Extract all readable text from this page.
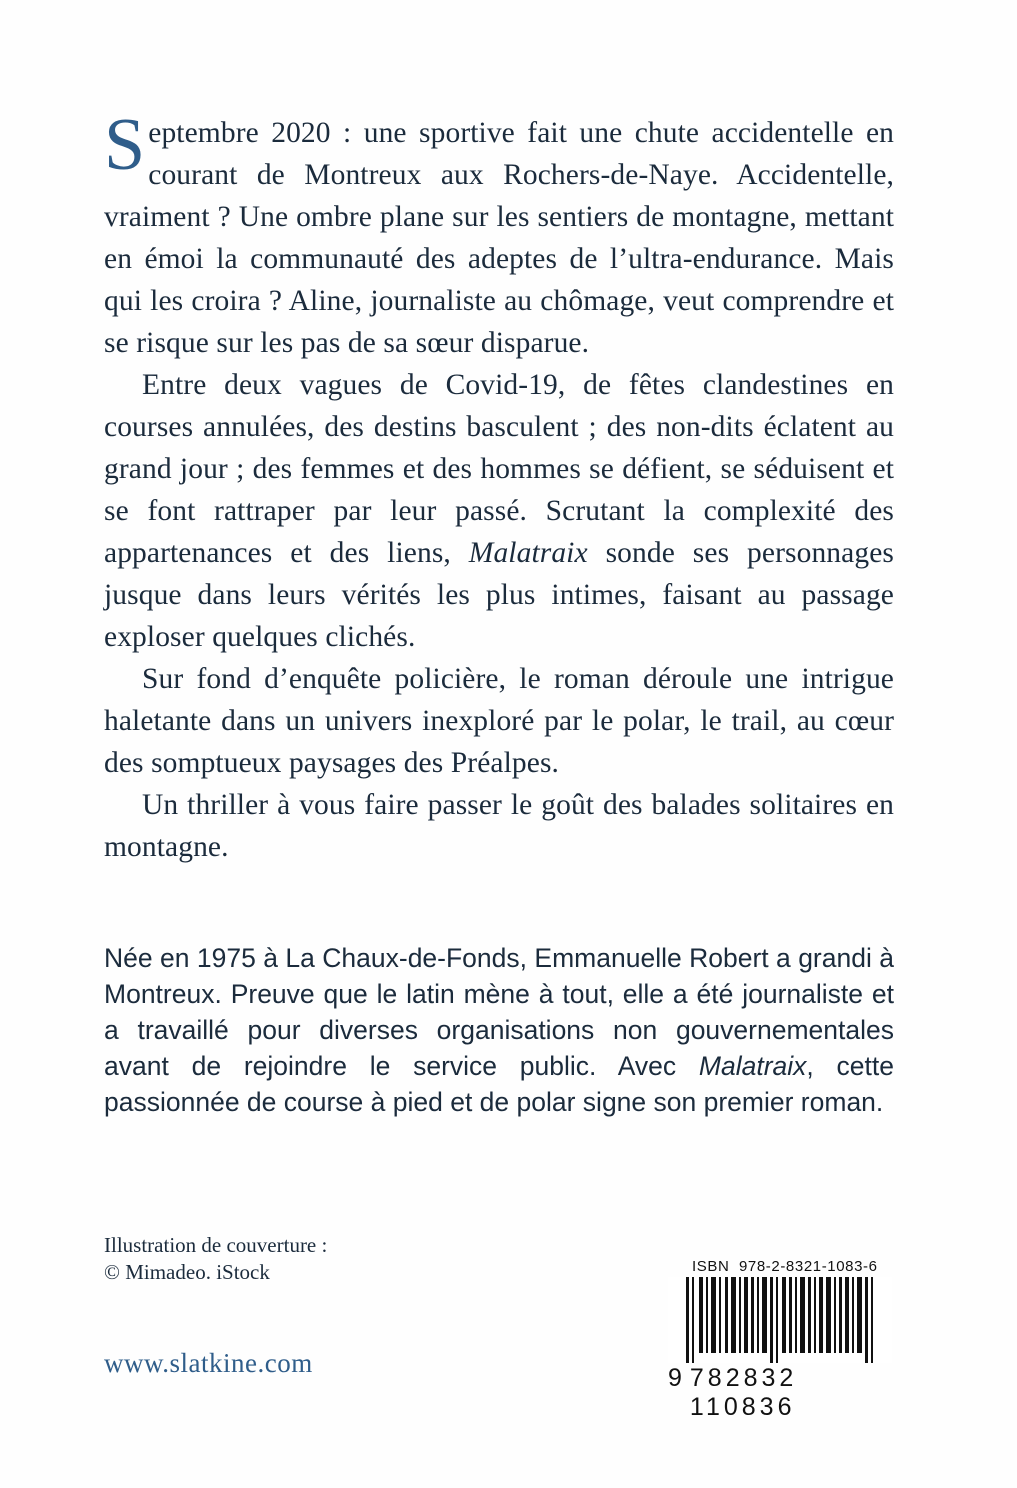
Septembre 2020 : une sportive fait une chute accidentelle en courant de Montreux aux Rochers-de-Naye. Accidentelle, vraiment ? Une ombre plane sur les sentiers de montagne, mettant en émoi la communauté des adeptes de l’ultra-endurance. Mais qui les croira ? Aline, journaliste au chômage, veut comprendre et se risque sur les pas de sa sœur disparue.

Entre deux vagues de Covid-19, de fêtes clandestines en courses annulées, des destins basculent ; des non-dits éclatent au grand jour ; des femmes et des hommes se défient, se séduisent et se font rattraper par leur passé. Scrutant la complexité des appartenances et des liens, Malatraix sonde ses personnages jusque dans leurs vérités les plus intimes, faisant au passage exploser quelques clichés.

Sur fond d’enquête policière, le roman déroule une intrigue haletante dans un univers inexploré par le polar, le trail, au cœur des somptueux paysages des Préalpes.

Un thriller à vous faire passer le goût des balades solitaires en montagne.

Née en 1975 à La Chaux-de-Fonds, Emmanuelle Robert a grandi à Montreux. Preuve que le latin mène à tout, elle a été journaliste et a travaillé pour diverses organisations non gouvernementales avant de rejoindre le service public. Avec Malatraix, cette passionnée de course à pied et de polar signe son premier roman.
Illustration de couverture :
© Mimadeo. iStock
www.slatkine.com
ISBN 978-2-8321-1083-6
9 782832 110836
